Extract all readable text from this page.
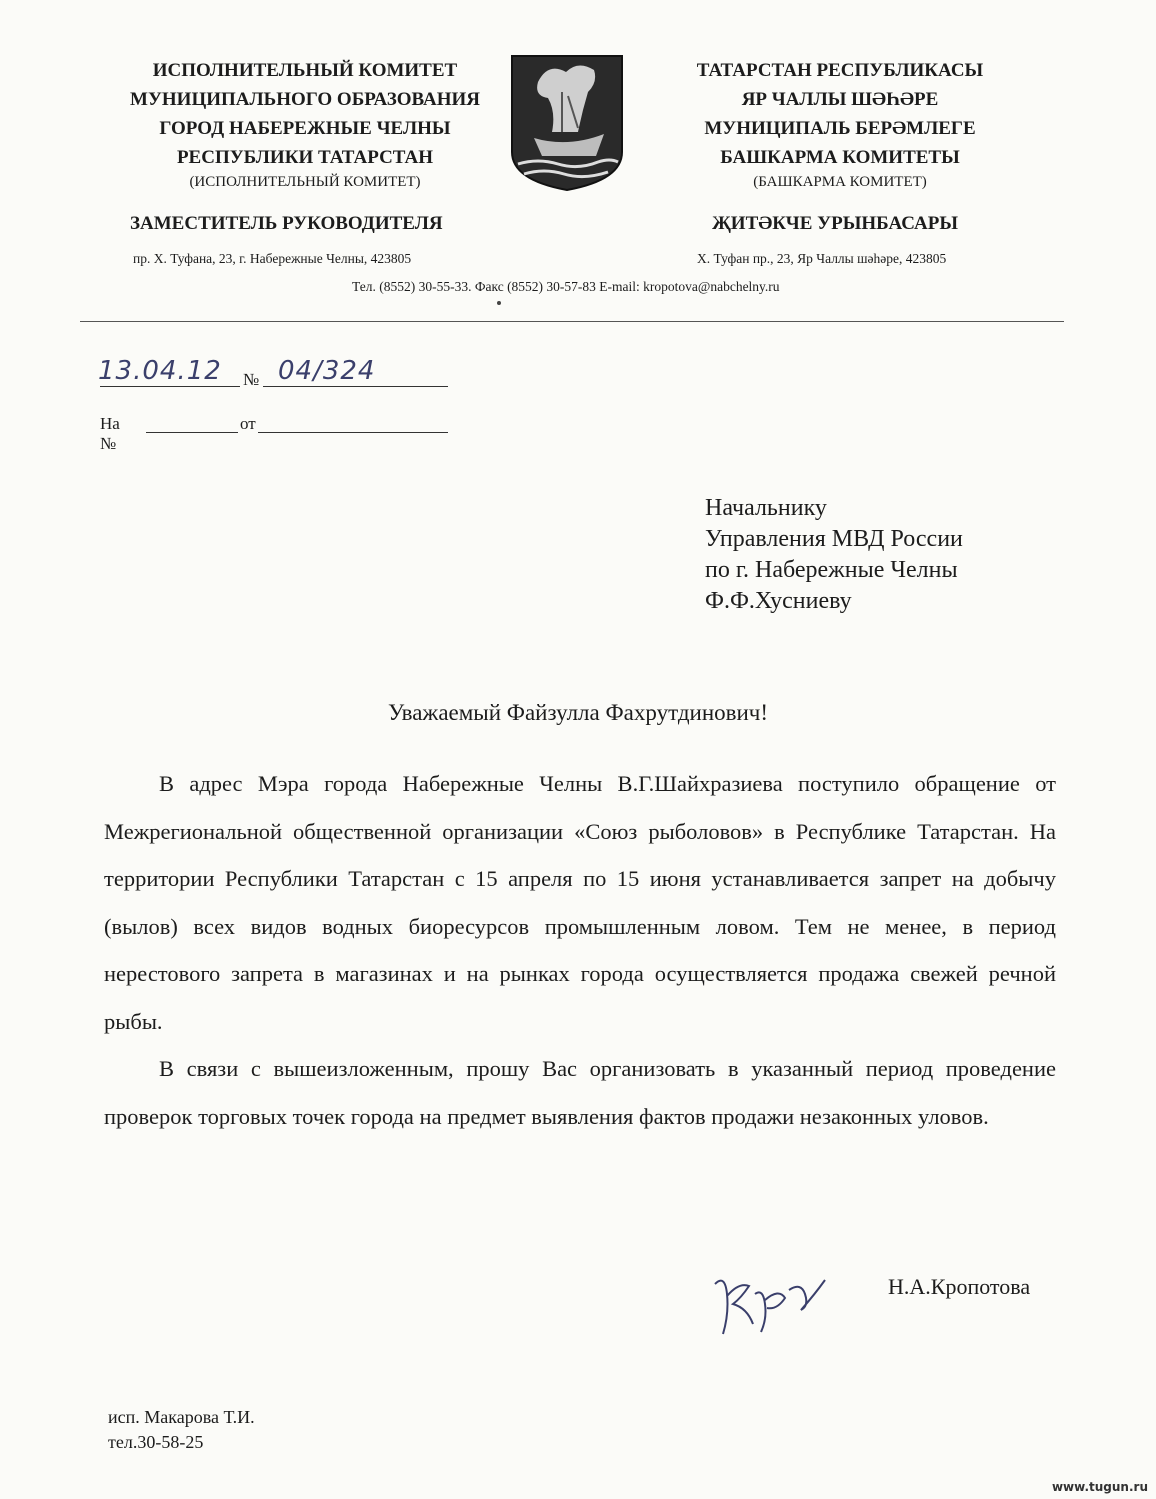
ИСПОЛНИТЕЛЬНЫЙ КОМИТЕТ
МУНИЦИПАЛЬНОГО ОБРАЗОВАНИЯ
ГОРОД НАБЕРЕЖНЫЕ ЧЕЛНЫ
РЕСПУБЛИКИ ТАТАРСТАН
(ИСПОЛНИТЕЛЬНЫЙ КОМИТЕТ)
ТАТАРСТАН РЕСПУБЛИКАСЫ
ЯР ЧАЛЛЫ ШӘҺӘРЕ
МУНИЦИПАЛЬ БЕРӘМЛЕГЕ
БАШКАРМА КОМИТЕТЫ
(БАШКАРМА КОМИТЕТ)
ЗАМЕСТИТЕЛЬ РУКОВОДИТЕЛЯ	ҖИТӘКЧЕ УРЫНБАСАРЫ
пр. Х. Туфана, 23, г. Набережные Челны, 423805	Х. Туфан пр., 23, Яр Чаллы шәһәре, 423805
Тел. (8552) 30-55-33. Факс (8552) 30-57-83 E-mail: kropotova@nabchelny.ru
13.04.12 № 04/324
На №
от
Начальнику
Управления МВД России
по г. Набережные Челны
Ф.Ф.Хусниеву
Уважаемый Файзулла Фахрутдинович!

В адрес Мэра города Набережные Челны В.Г.Шайхразиева поступило обращение от Межрегиональной общественной организации «Союз рыболовов» в Республике Татарстан. На территории Республики Татарстан с 15 апреля по 15 июня устанавливается запрет на добычу (вылов) всех видов водных биоресурсов промышленным ловом. Тем не менее, в период нерестового запрета в магазинах и на рынках города осуществляется продажа свежей речной рыбы.

В связи с вышеизложенным, прошу Вас организовать в указанный период проведение проверок торговых точек города на предмет выявления фактов продажи незаконных уловов.

Н.А.Кропотова
исп. Макарова Т.И.
тел.30-58-25
www.tugun.ru
